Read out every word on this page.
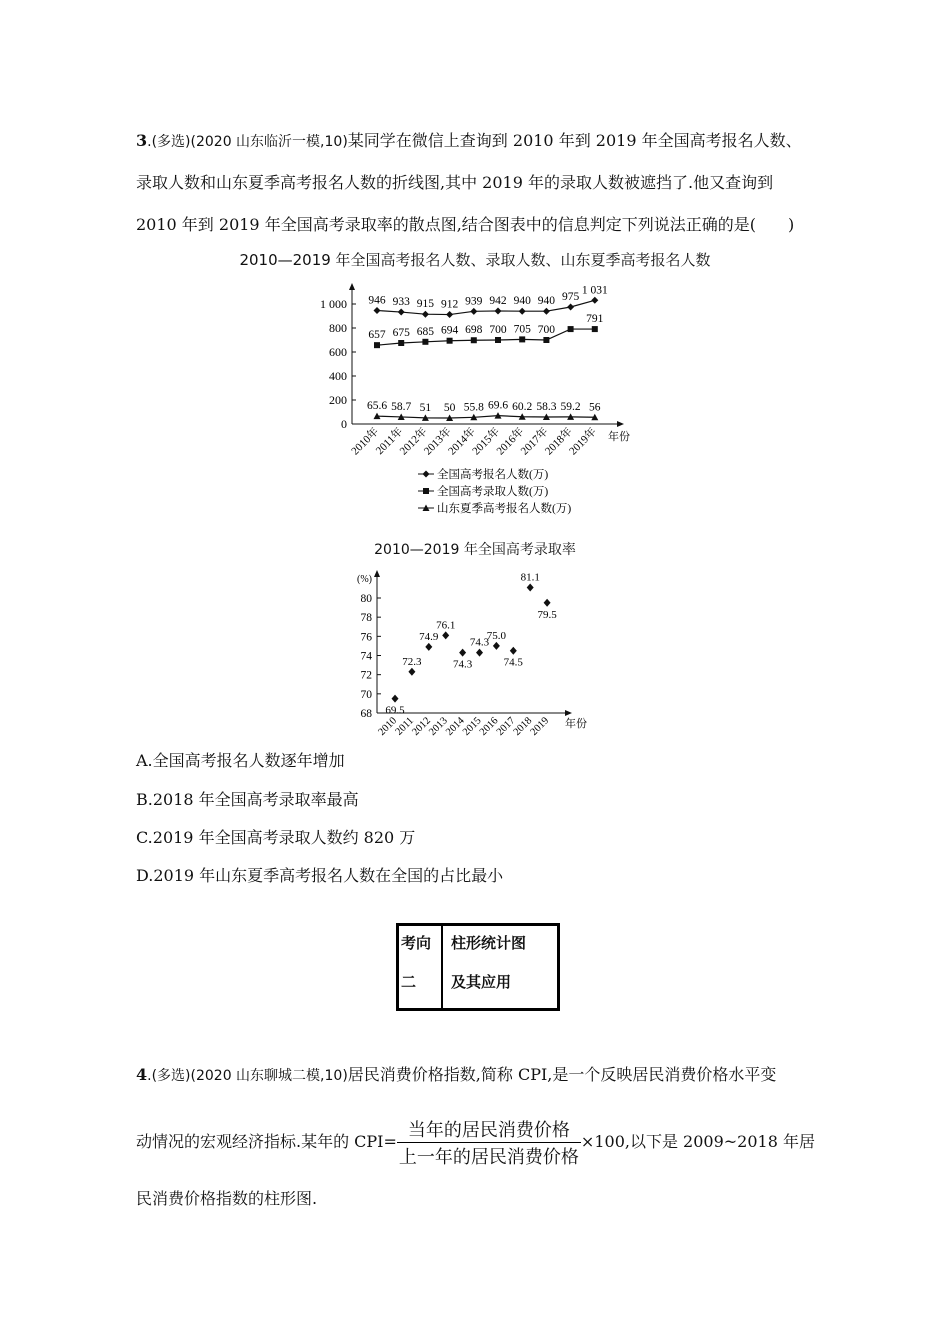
3.(多选)(2020 山东临沂一模,10)某同学在微信上查询到 2010 年到 2019 年全国高考报名人数、
录取人数和山东夏季高考报名人数的折线图,其中 2019 年的录取人数被遮挡了.他又查询到
2010 年到 2019 年全国高考录取率的散点图,结合图表中的信息判定下列说法正确的是(　　)
2010—2019 年全国高考报名人数、录取人数、山东夏季高考报名人数
0
200
400
600
800
1 000
2010年
2011年
2012年
2013年
2014年
2015年
2016年
2017年
2018年
2019年 年份
946 933 915 912 939 942 940 940 975
1 031
全国高考报名人数(万)
657 675 685 694 698 700 705 700
791
全国高考录取人数(万)
65.6 58.7 51 50 55.8 69.6 60.2 58.3 59.2 56
山东夏季高考报名人数(万)
2010—2019 年全国高考录取率
(%)
68
70
72
74
76
78
80
2010
2011
2012
2013
2014
2015
2016
2017
2018
2019 年份
69.5
72.3
74.9
76.1
74.3
74.3
75.0
74.5
81.1
79.5
A.全国高考报名人数逐年增加
B.2018 年全国高考录取率最高
C.2019 年全国高考录取人数约 820 万
D.2019 年山东夏季高考报名人数在全国的占比最小
考向
二

柱形统计图
及其应用
4.(多选)(2020 山东聊城二模,10)居民消费价格指数,简称 CPI,是一个反映居民消费价格水平变
动情况的宏观经济指标.某年的 $CPI= \frac{\text{当年的居民消费价格}}{\text{上一年的居民消费价格}} \times 100$,以下是 2009~2018 年居
民消费价格指数的柱形图.
